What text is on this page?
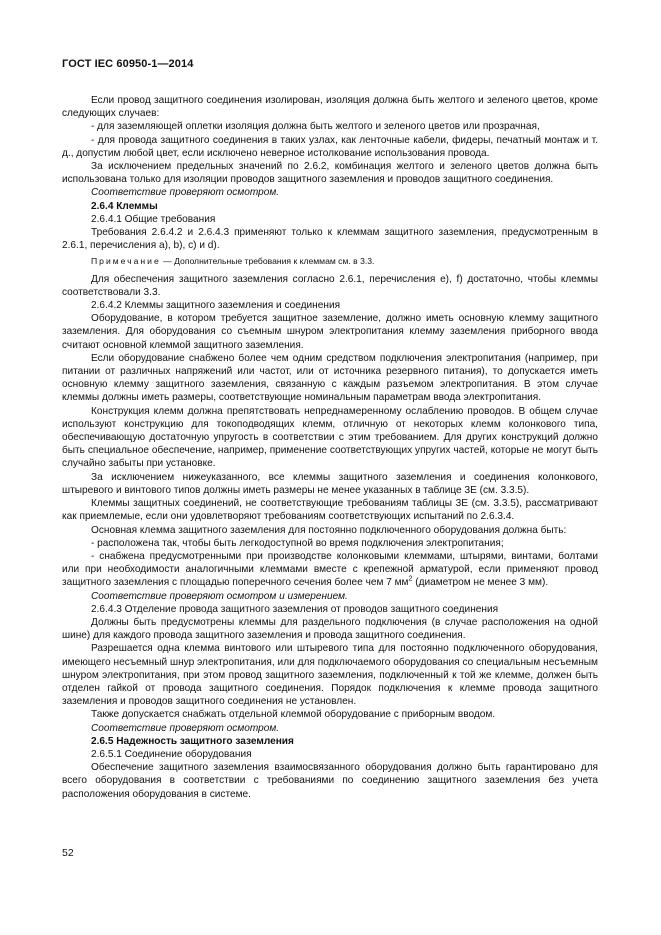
ГОСТ IEC 60950-1—2014

Если провод защитного соединения изолирован, изоляция должна быть желтого и зеленого цветов, кроме следующих случаев:

- для заземляющей оплетки изоляция должна быть желтого и зеленого цветов или прозрачная,

- для провода защитного соединения в таких узлах, как ленточные кабели, фидеры, печатный монтаж и т. д., допустим любой цвет, если исключено неверное истолкование использования провода.

За исключением предельных значений по 2.6.2, комбинация желтого и зеленого цветов должна быть использована только для изоляции проводов защитного заземления и проводов защитного соединения.

Соответствие проверяют осмотром.

2.6.4 Клеммы

2.6.4.1 Общие требования

Требования 2.6.4.2 и 2.6.4.3 применяют только к клеммам защитного заземления, предусмотренным в 2.6.1, перечисления a), b), c) и d).

Примечание — Дополнительные требования к клеммам см. в 3.3.

Для обеспечения защитного заземления согласно 2.6.1, перечисления e), f) достаточно, чтобы клеммы соответствовали 3.3.

2.6.4.2 Клеммы защитного заземления и соединения

Оборудование, в котором требуется защитное заземление, должно иметь основную клемму защитного заземления. Для оборудования со съемным шнуром электропитания клемму заземления приборного ввода считают основной клеммой защитного заземления.

Если оборудование снабжено более чем одним средством подключения электропитания (например, при питании от различных напряжений или частот, или от источника резервного питания), то допускается иметь основную клемму защитного заземления, связанную с каждым разъемом электропитания. В этом случае клеммы должны иметь размеры, соответствующие номинальным параметрам ввода электропитания.

Конструкция клемм должна препятствовать непреднамеренному ослаблению проводов. В общем случае используют конструкцию для токоподводящих клемм, отличную от некоторых клемм колонкового типа, обеспечивающую достаточную упругость в соответствии с этим требованием. Для других конструкций должно быть специальное обеспечение, например, применение соответствующих упругих частей, которые не могут быть случайно забыты при установке.

За исключением нижеуказанного, все клеммы защитного заземления и соединения колонкового, штыревого и винтового типов должны иметь размеры не менее указанных в таблице 3E (см. 3.3.5).

Клеммы защитных соединений, не соответствующие требованиям таблицы 3E (см. 3.3.5), рассматривают как приемлемые, если они удовлетворяют требованиям соответствующих испытаний по 2.6.3.4.

Основная клемма защитного заземления для постоянно подключенного оборудования должна быть:

- расположена так, чтобы быть легкодоступной во время подключения электропитания;

- снабжена предусмотренными при производстве колонковыми клеммами, штырями, винтами, болтами или при необходимости аналогичными клеммами вместе с крепежной арматурой, если применяют провод защитного заземления с площадью поперечного сечения более чем 7 $мм^2$ (диаметром не менее 3 мм).

Соответствие проверяют осмотром и измерением.

2.6.4.3 Отделение провода защитного заземления от проводов защитного соединения

Должны быть предусмотрены клеммы для раздельного подключения (в случае расположения на одной шине) для каждого провода защитного заземления и провода защитного соединения.

Разрешается одна клемма винтового или штыревого типа для постоянно подключенного оборудования, имеющего несъемный шнур электропитания, или для подключаемого оборудования со специальным несъемным шнуром электропитания, при этом провод защитного заземления, подключенный к той же клемме, должен быть отделен гайкой от провода защитного соединения. Порядок подключения к клемме провода защитного заземления и проводов защитного соединения не установлен.

Также допускается снабжать отдельной клеммой оборудование с приборным вводом.

Соответствие проверяют осмотром.

2.6.5 Надежность защитного заземления

2.6.5.1 Соединение оборудования

Обеспечение защитного заземления взаимосвязанного оборудования должно быть гарантировано для всего оборудования в соответствии с требованиями по соединению защитного заземления без учета расположения оборудования в системе.

52
